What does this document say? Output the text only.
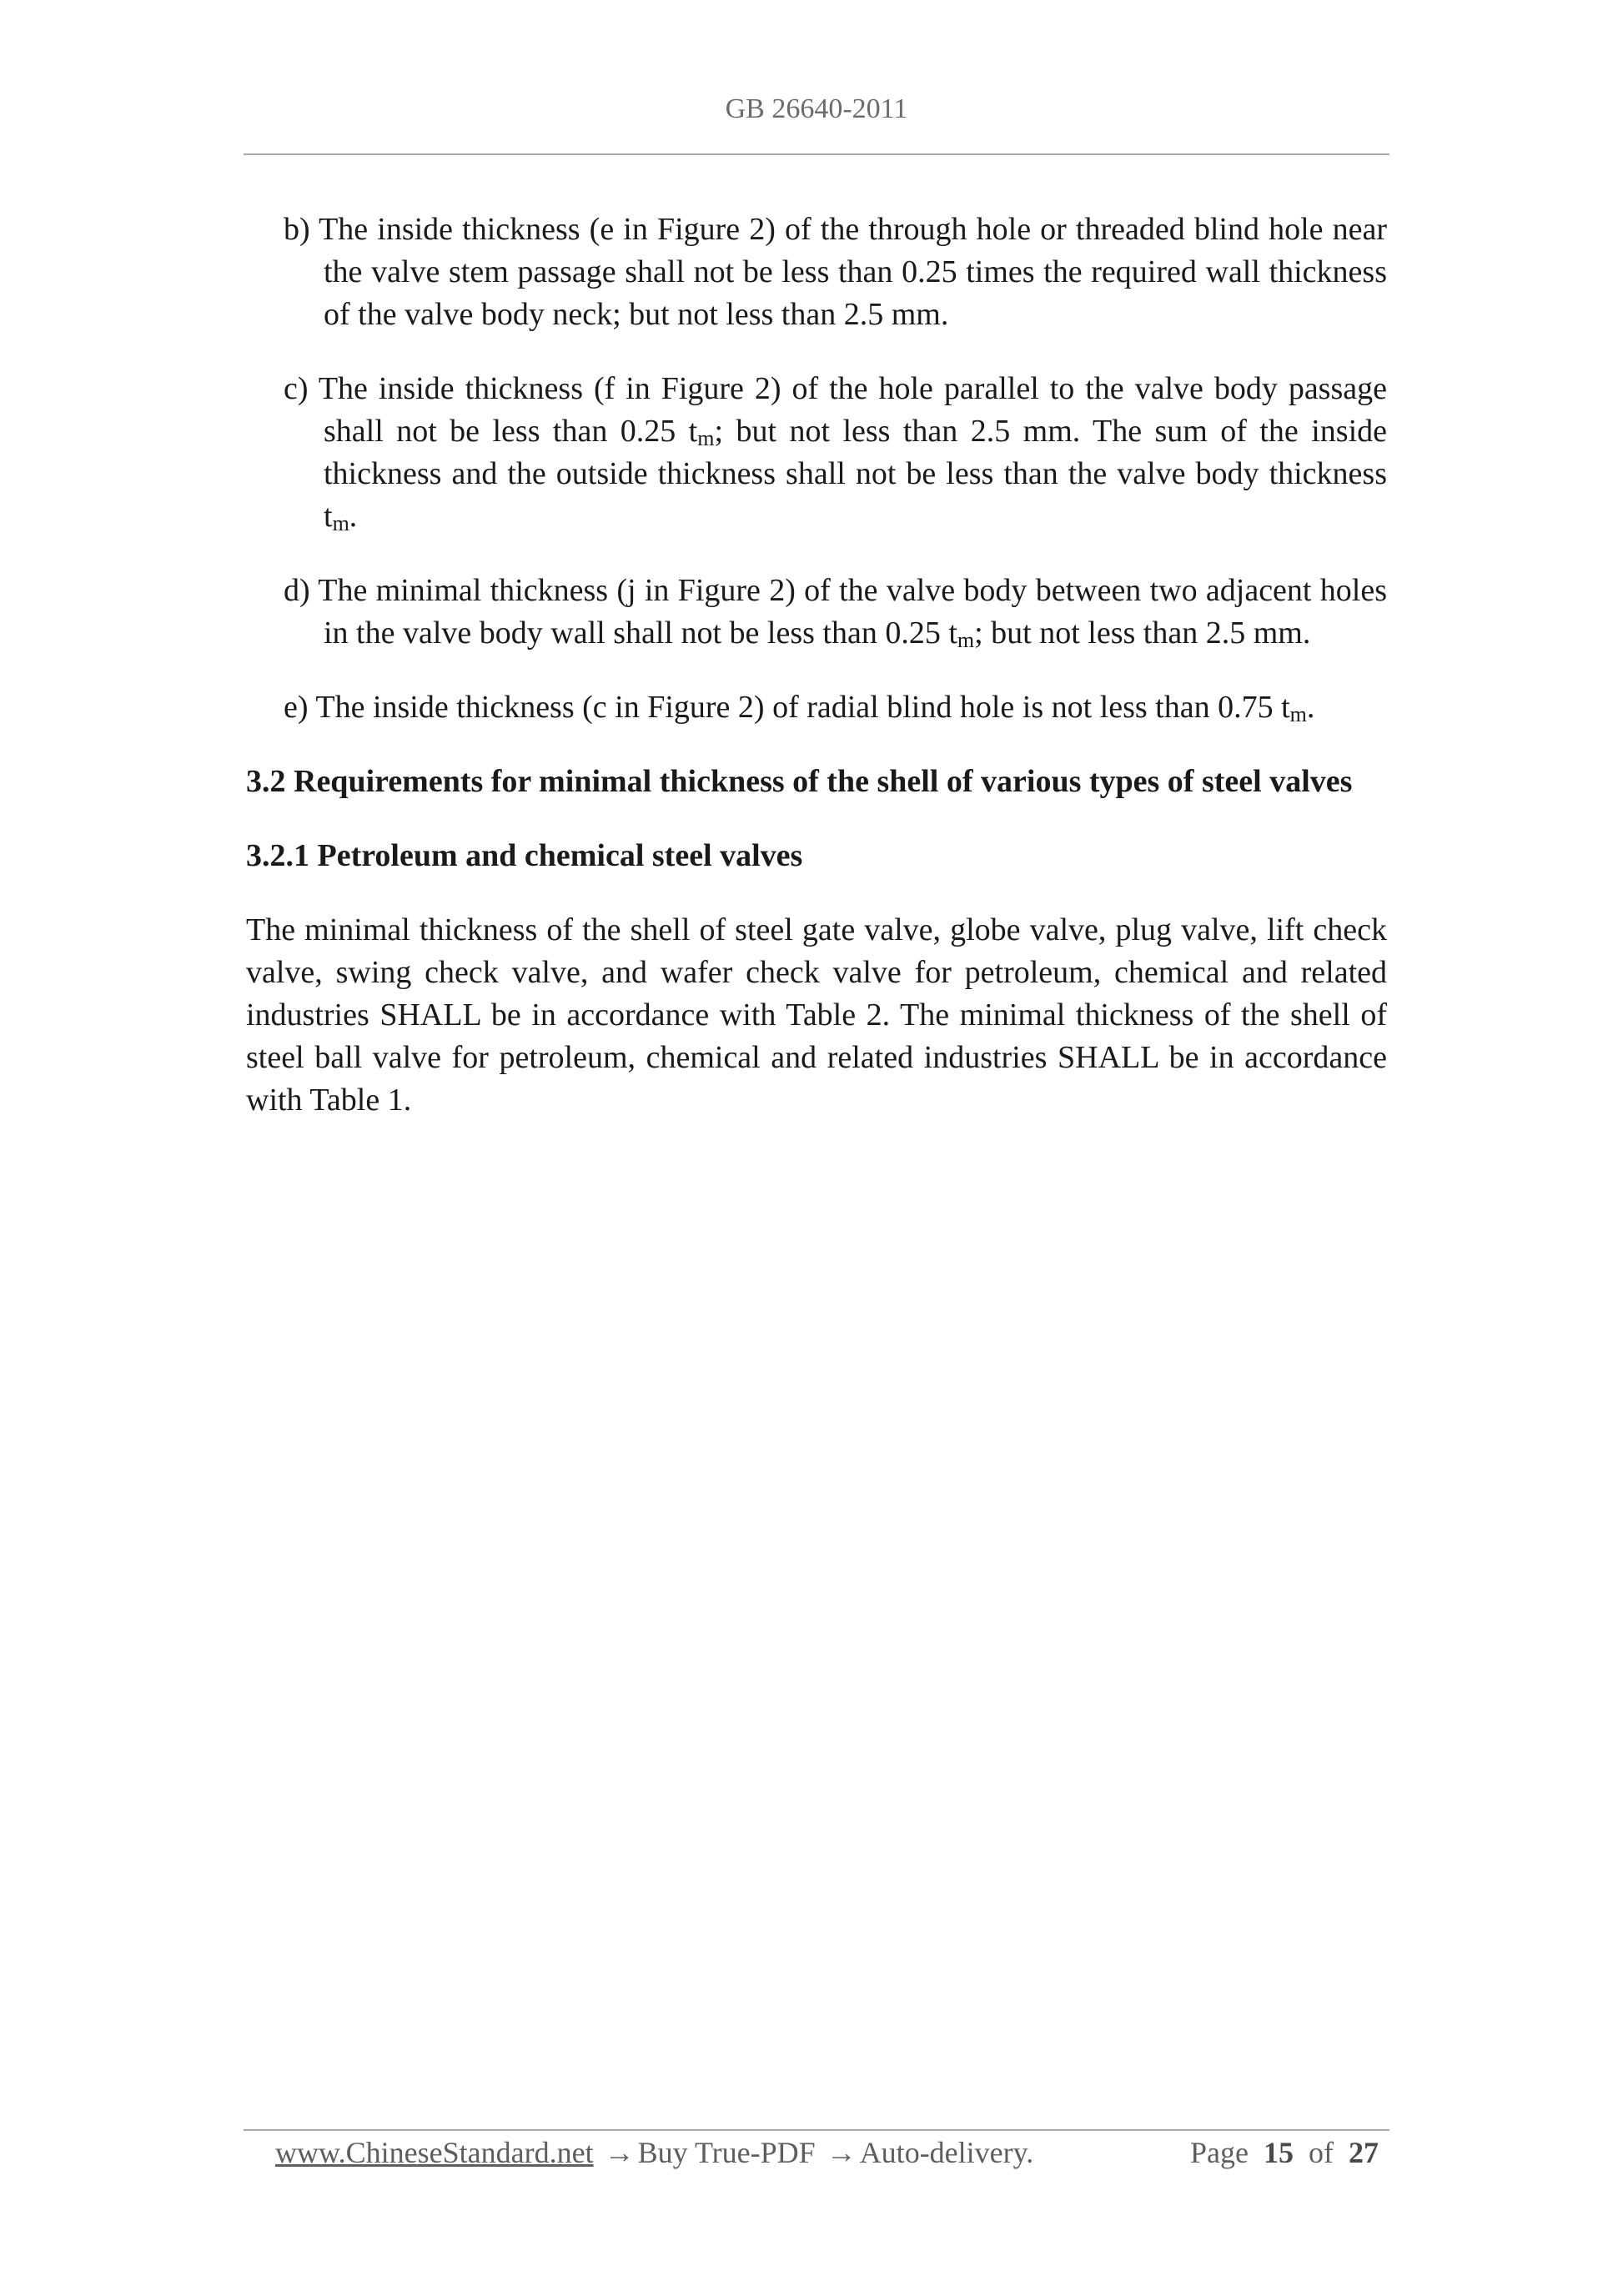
GB 26640-2011
b) The inside thickness (e in Figure 2) of the through hole or threaded blind hole near the valve stem passage shall not be less than 0.25 times the required wall thickness of the valve body neck; but not less than 2.5 mm.
c) The inside thickness (f in Figure 2) of the hole parallel to the valve body passage shall not be less than 0.25 $t_m$; but not less than 2.5 mm. The sum of the inside thickness and the outside thickness shall not be less than the valve body thickness $t_m$.
d) The minimal thickness (j in Figure 2) of the valve body between two adjacent holes in the valve body wall shall not be less than 0.25 $t_m$; but not less than 2.5 mm.
e) The inside thickness (c in Figure 2) of radial blind hole is not less than 0.75 $t_m$.
3.2 Requirements for minimal thickness of the shell of various types of steel valves
3.2.1 Petroleum and chemical steel valves

The minimal thickness of the shell of steel gate valve, globe valve, plug valve, lift check valve, swing check valve, and wafer check valve for petroleum, chemical and related industries SHALL be in accordance with Table 2. The minimal thickness of the shell of steel ball valve for petroleum, chemical and related industries SHALL be in accordance with Table 1.

www.ChineseStandard.net → Buy True-PDF → Auto-delivery.	Page 15 of 27
